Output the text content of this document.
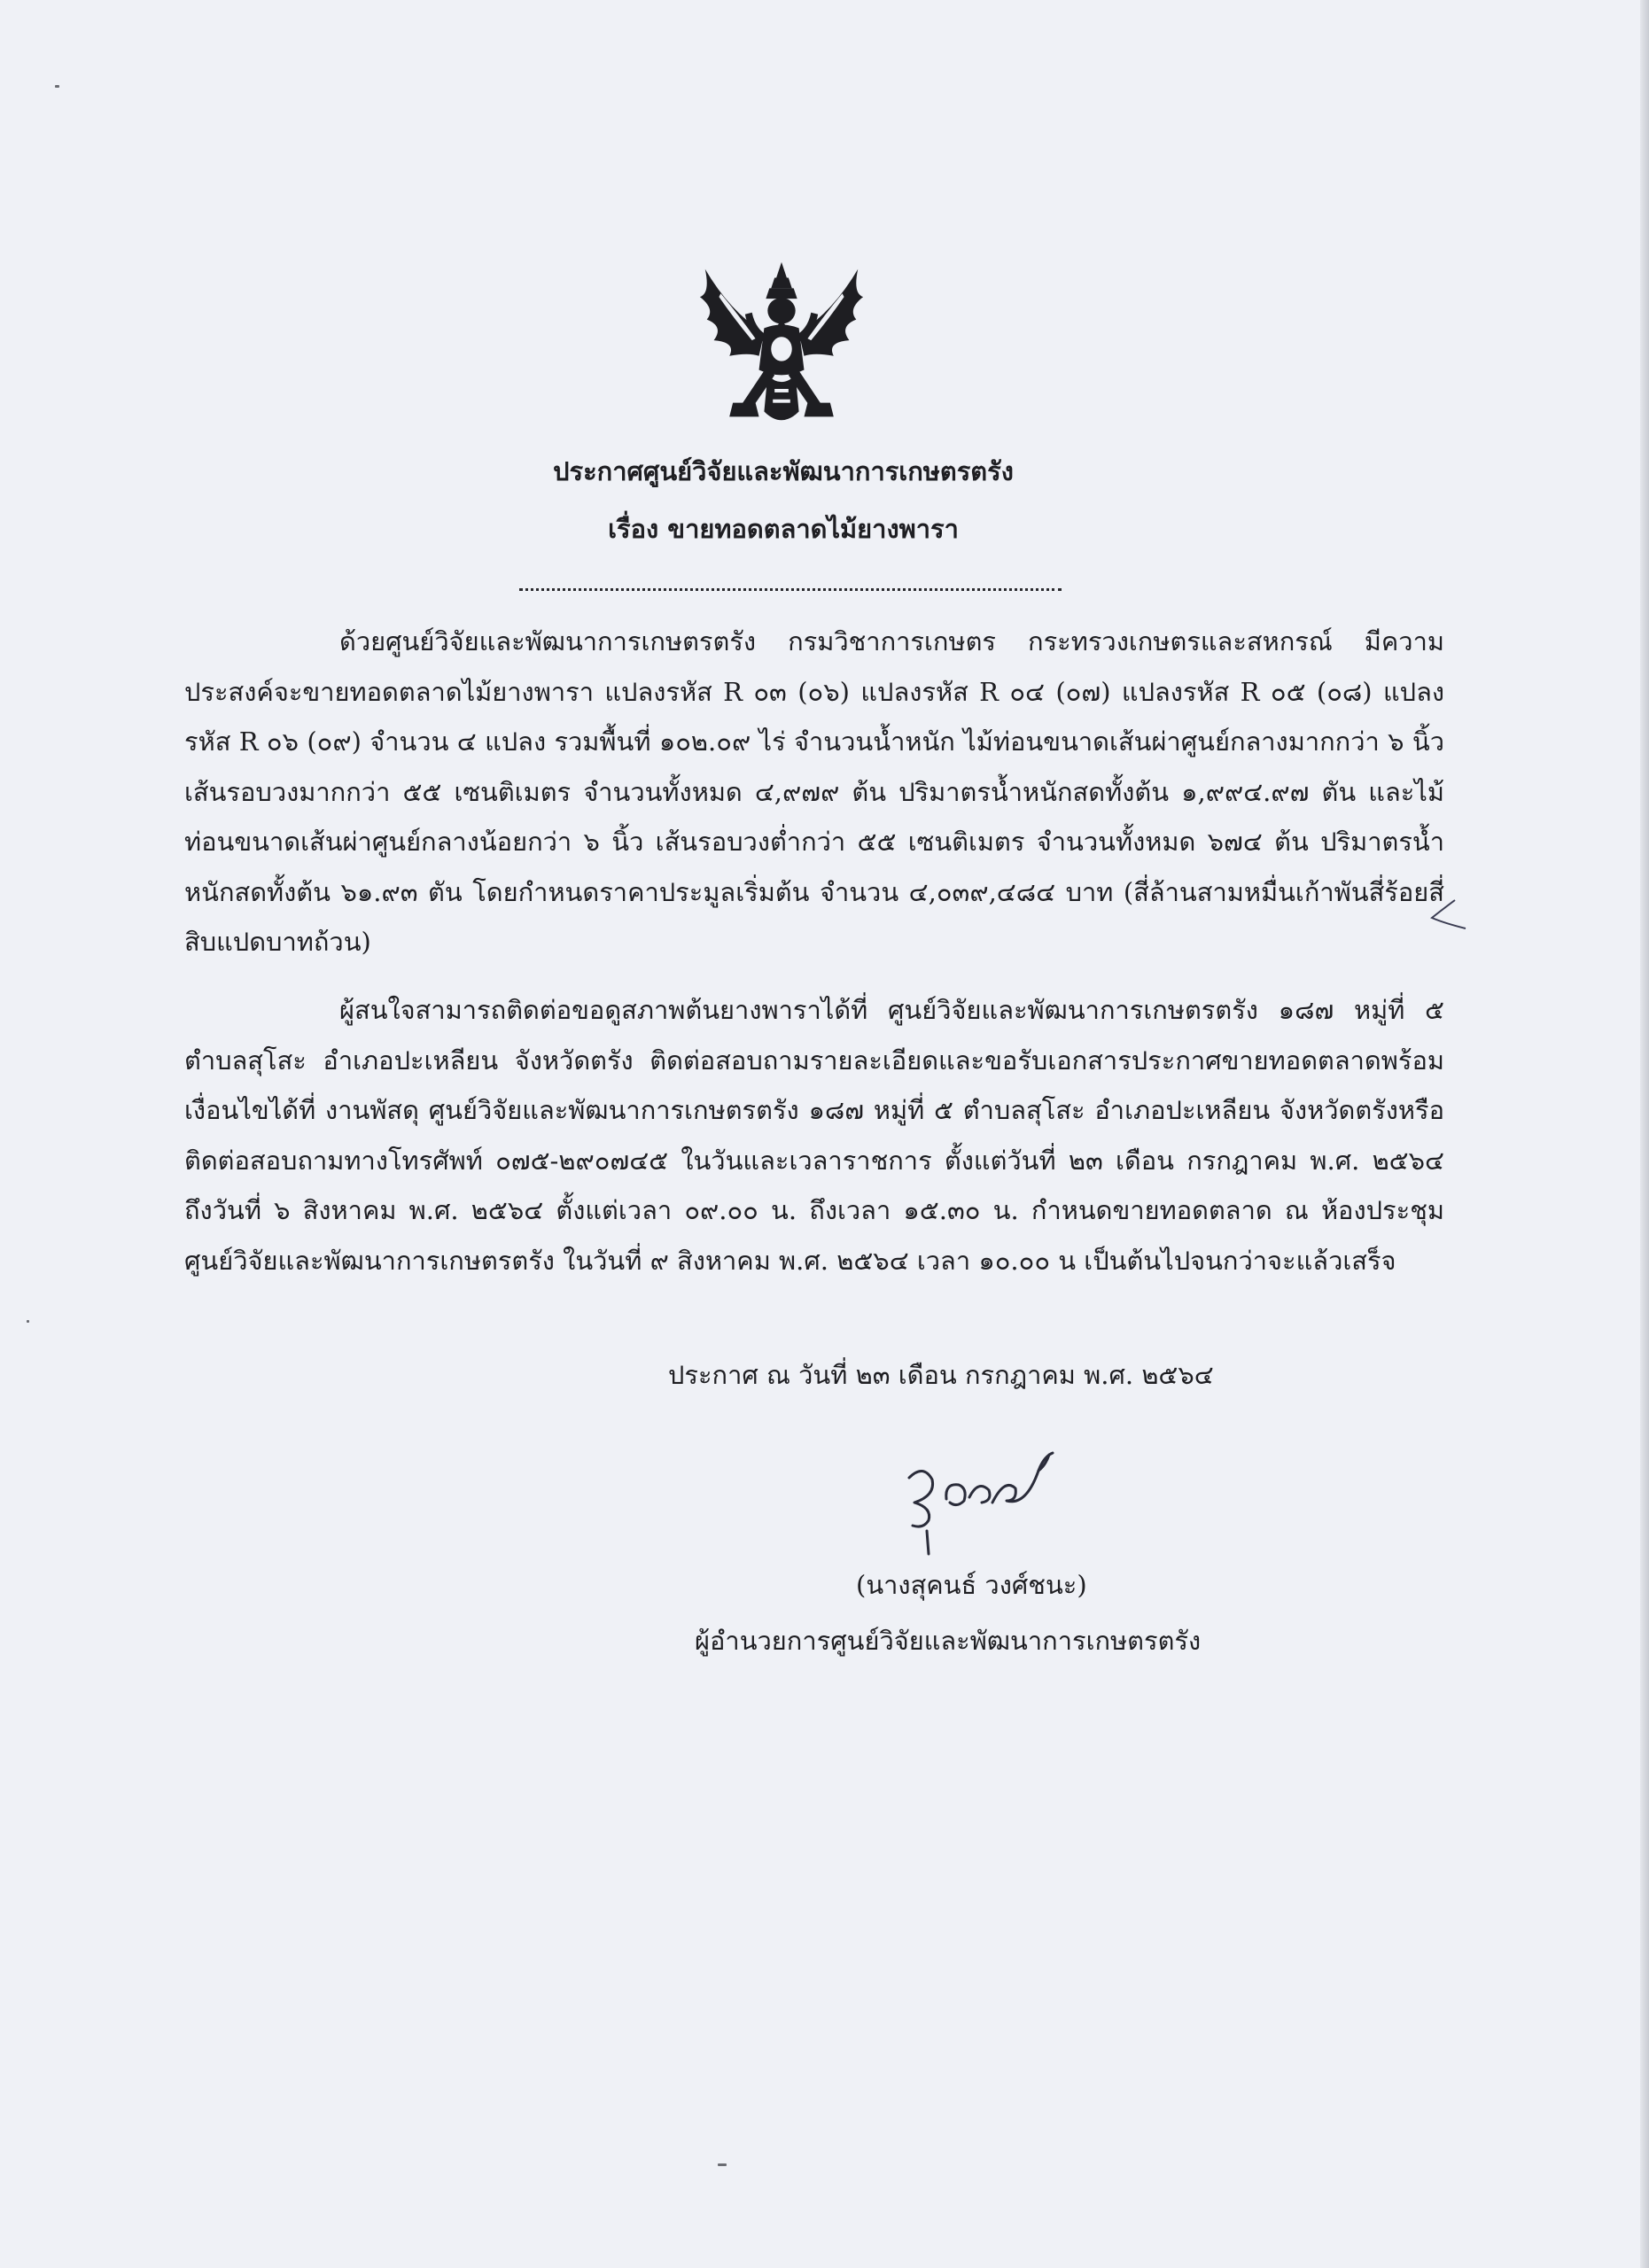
ประกาศศูนย์วิจัยและพัฒนาการเกษตรตรัง
เรื่อง ขายทอดตลาดไม้ยางพารา

ด้วยศูนย์วิจัยและพัฒนาการเกษตรตรัง กรมวิชาการเกษตร กระทรวงเกษตรและสหกรณ์ มีความประสงค์จะขายทอดตลาดไม้ยางพารา แปลงรหัส R ๐๓ (๐๖) แปลงรหัส R ๐๔ (๐๗) แปลงรหัส R ๐๕ (๐๘) แปลงรหัส R ๐๖ (๐๙) จำนวน ๔ แปลง รวมพื้นที่ ๑๐๒.๐๙ ไร่ จำนวนน้ำหนัก ไม้ท่อนขนาดเส้นผ่าศูนย์กลางมากกว่า ๖ นิ้ว เส้นรอบวงมากกว่า ๕๕ เซนติเมตร จำนวนทั้งหมด ๔,๙๗๙ ต้น ปริมาตรน้ำหนักสดทั้งต้น ๑,๙๙๔.๙๗ ตัน และไม้ท่อนขนาดเส้นผ่าศูนย์กลางน้อยกว่า ๖ นิ้ว เส้นรอบวงต่ำกว่า ๕๕ เซนติเมตร จำนวนทั้งหมด ๖๗๔ ต้น ปริมาตรน้ำหนักสดทั้งต้น ๖๑.๙๓ ตัน โดยกำหนดราคาประมูลเริ่มต้น จำนวน ๔,๐๓๙,๔๘๔ บาท (สี่ล้านสามหมื่นเก้าพันสี่ร้อยสี่สิบแปดบาทถ้วน)

ผู้สนใจสามารถติดต่อขอดูสภาพต้นยางพาราได้ที่ ศูนย์วิจัยและพัฒนาการเกษตรตรัง ๑๘๗ หมู่ที่ ๕ ตำบลสุโสะ อำเภอปะเหลียน จังหวัดตรัง ติดต่อสอบถามรายละเอียดและขอรับเอกสารประกาศขายทอดตลาดพร้อมเงื่อนไขได้ที่ งานพัสดุ ศูนย์วิจัยและพัฒนาการเกษตรตรัง ๑๘๗ หมู่ที่ ๕ ตำบลสุโสะ อำเภอปะเหลียน จังหวัดตรังหรือติดต่อสอบถามทางโทรศัพท์ ๐๗๕-๒๙๐๗๔๕ ในวันและเวลาราชการ ตั้งแต่วันที่ ๒๓ เดือน กรกฎาคม พ.ศ. ๒๕๖๔ ถึงวันที่ ๖ สิงหาคม พ.ศ. ๒๕๖๔ ตั้งแต่เวลา ๐๙.๐๐ น. ถึงเวลา ๑๕.๓๐ น. กำหนดขายทอดตลาด ณ ห้องประชุมศูนย์วิจัยและพัฒนาการเกษตรตรัง ในวันที่ ๙ สิงหาคม พ.ศ. ๒๕๖๔ เวลา ๑๐.๐๐ น เป็นต้นไปจนกว่าจะแล้วเสร็จ

ประกาศ ณ วันที่ ๒๓ เดือน กรกฎาคม พ.ศ. ๒๕๖๔
(นางสุคนธ์ วงศ์ชนะ)
ผู้อำนวยการศูนย์วิจัยและพัฒนาการเกษตรตรัง
